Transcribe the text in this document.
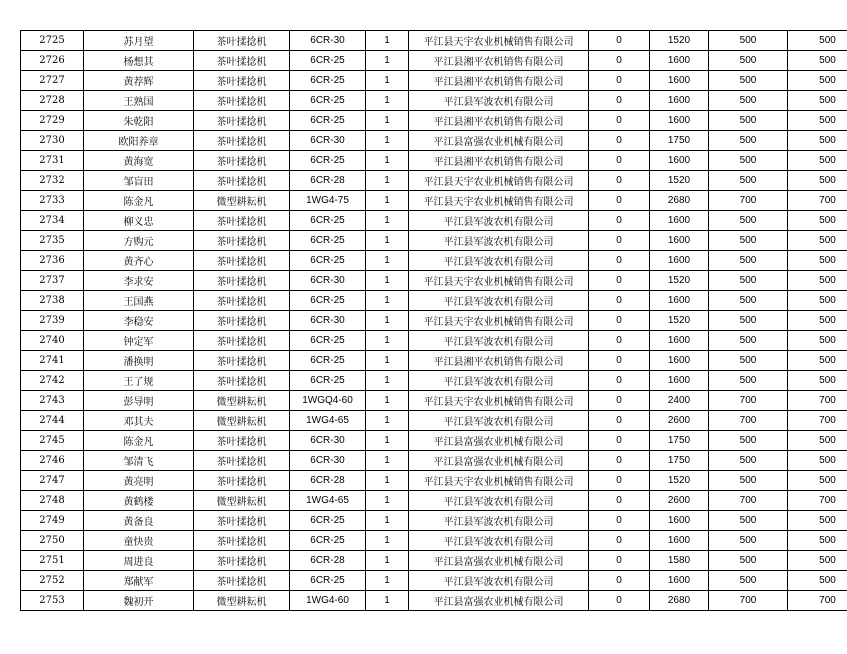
2725	苏月望	茶叶揉捻机	6CR-30	1	平江县天宇农业机械销售有限公司	0	1520	500	500
2726	杨想其	茶叶揉捻机	6CR-25	1	平江县湘平农机销售有限公司	0	1600	500	500
2727	黄荐辉	茶叶揉捻机	6CR-25	1	平江县湘平农机销售有限公司	0	1600	500	500
2728	王熟国	茶叶揉捻机	6CR-25	1	平江县军波农机有限公司	0	1600	500	500
2729	朱乾阳	茶叶揉捻机	6CR-25	1	平江县湘平农机销售有限公司	0	1600	500	500
2730	欧阳养章	茶叶揉捻机	6CR-30	1	平江县富强农业机械有限公司	0	1750	500	500
2731	黄海宽	茶叶揉捻机	6CR-25	1	平江县湘平农机销售有限公司	0	1600	500	500
2732	邹盲田	茶叶揉捻机	6CR-28	1	平江县天宇农业机械销售有限公司	0	1520	500	500
2733	陈金凡	微型耕耘机	1WG4-75	1	平江县天宇农业机械销售有限公司	0	2680	700	700
2734	柳义忠	茶叶揉捻机	6CR-25	1	平江县军波农机有限公司	0	1600	500	500
2735	方购元	茶叶揉捻机	6CR-25	1	平江县军波农机有限公司	0	1600	500	500
2736	黄齐心	茶叶揉捻机	6CR-25	1	平江县军波农机有限公司	0	1600	500	500
2737	李求安	茶叶揉捻机	6CR-30	1	平江县天宇农业机械销售有限公司	0	1520	500	500
2738	王国燕	茶叶揉捻机	6CR-25	1	平江县军波农机有限公司	0	1600	500	500
2739	李稳安	茶叶揉捻机	6CR-30	1	平江县天宇农业机械销售有限公司	0	1520	500	500
2740	钟定军	茶叶揉捻机	6CR-25	1	平江县军波农机有限公司	0	1600	500	500
2741	潘换明	茶叶揉捻机	6CR-25	1	平江县湘平农机销售有限公司	0	1600	500	500
2742	王了规	茶叶揉捻机	6CR-25	1	平江县军波农机有限公司	0	1600	500	500
2743	彭导明	微型耕耘机	1WGQ4-60	1	平江县天宇农业机械销售有限公司	0	2400	700	700
2744	邓其夫	微型耕耘机	1WG4-65	1	平江县军波农机有限公司	0	2600	700	700
2745	陈金凡	茶叶揉捻机	6CR-30	1	平江县富强农业机械有限公司	0	1750	500	500
2746	邹清飞	茶叶揉捻机	6CR-30	1	平江县富强农业机械有限公司	0	1750	500	500
2747	黄亮明	茶叶揉捻机	6CR-28	1	平江县天宇农业机械销售有限公司	0	1520	500	500
2748	黄鹤楼	微型耕耘机	1WG4-65	1	平江县军波农机有限公司	0	2600	700	700
2749	黄备良	茶叶揉捻机	6CR-25	1	平江县军波农机有限公司	0	1600	500	500
2750	童快贵	茶叶揉捻机	6CR-25	1	平江县军波农机有限公司	0	1600	500	500
2751	周进良	茶叶揉捻机	6CR-28	1	平江县富强农业机械有限公司	0	1580	500	500
2752	郑献军	茶叶揉捻机	6CR-25	1	平江县军波农机有限公司	0	1600	500	500
2753	魏初开	微型耕耘机	1WG4-60	1	平江县富强农业机械有限公司	0	2680	700	700
